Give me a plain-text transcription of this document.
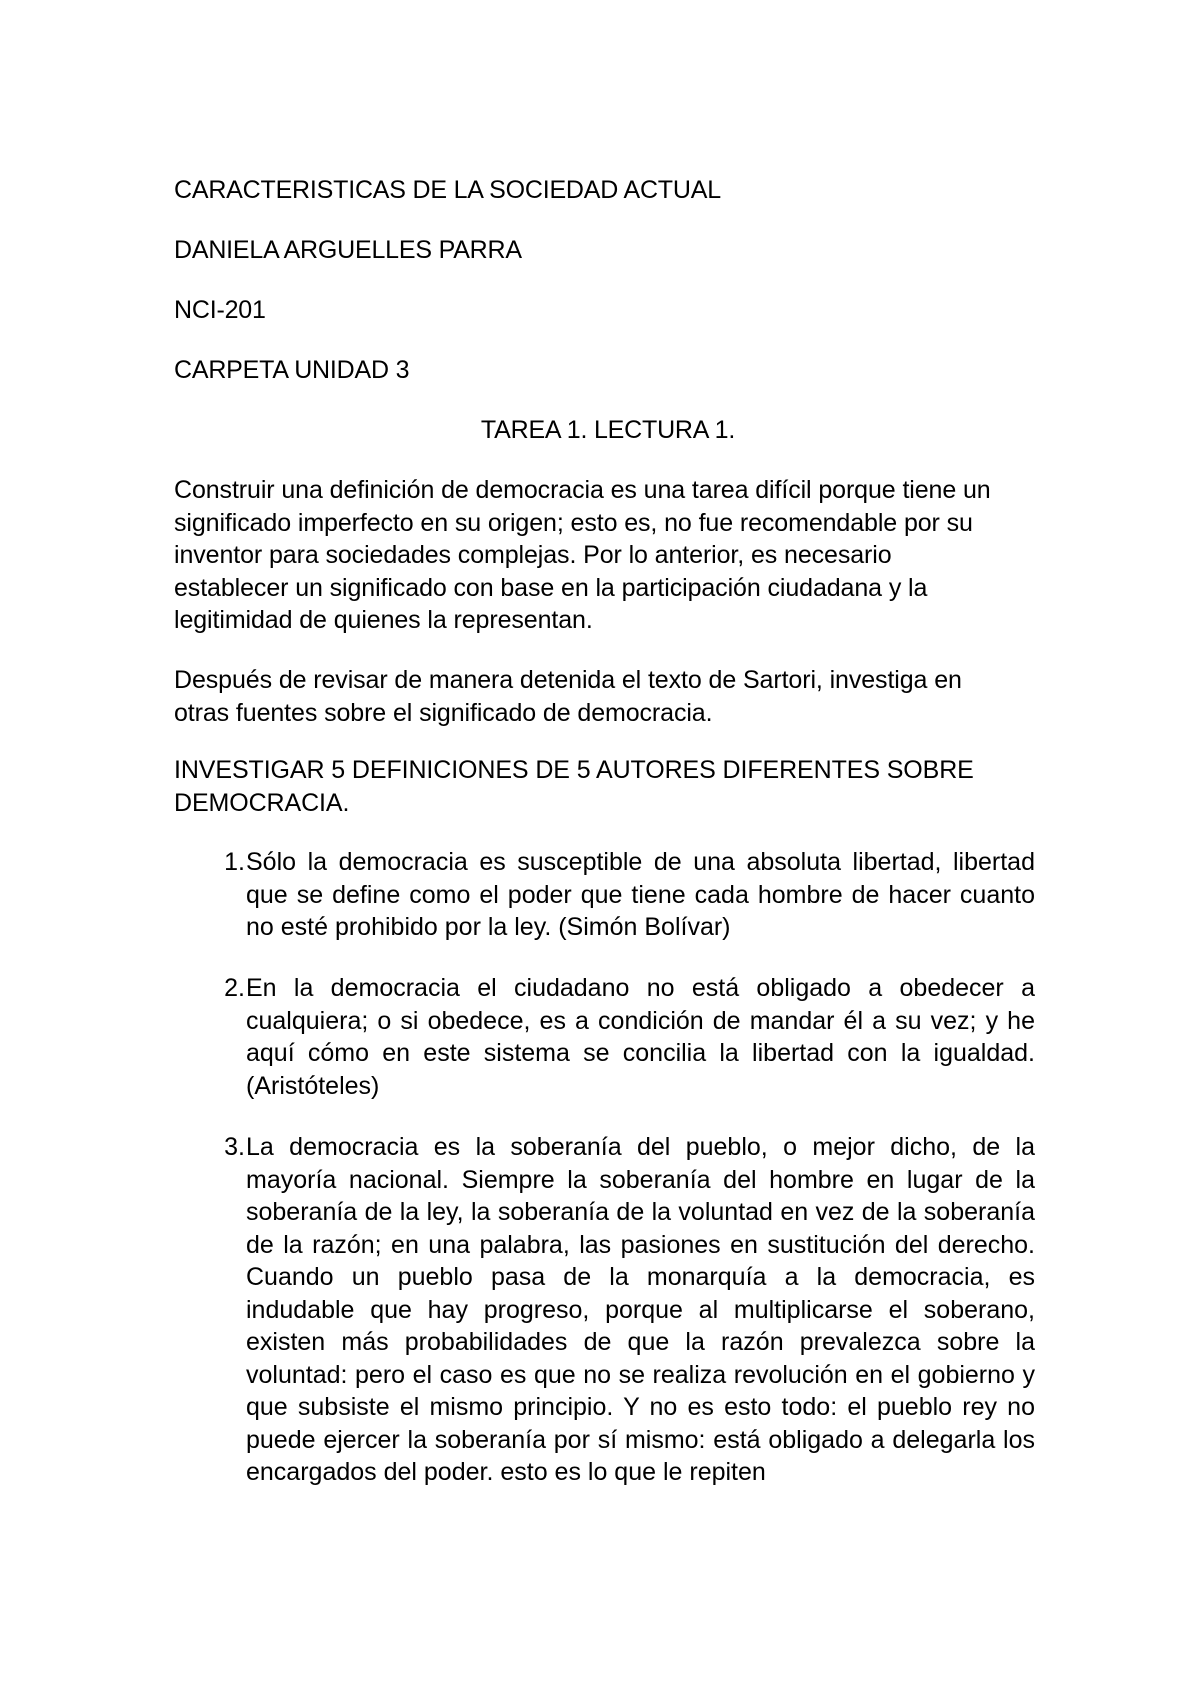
CARACTERISTICAS DE LA SOCIEDAD ACTUAL

DANIELA ARGUELLES PARRA

NCI-201

CARPETA UNIDAD 3

TAREA 1. LECTURA 1.

Construir una definición de democracia es una tarea difícil porque tiene un significado imperfecto en su origen; esto es, no fue recomendable por su inventor para sociedades complejas. Por lo anterior, es necesario establecer un significado con base en la participación ciudadana y la legitimidad de quienes la representan.

Después de revisar de manera detenida el texto de Sartori, investiga en otras fuentes sobre el significado de democracia.

INVESTIGAR 5 DEFINICIONES DE 5 AUTORES DIFERENTES SOBRE DEMOCRACIA.

1. Sólo la democracia es susceptible de una absoluta libertad, libertad que se define como el poder que tiene cada hombre de hacer cuanto no esté prohibido por la ley. (Simón Bolívar)
2. En la democracia el ciudadano no está obligado a obedecer a cualquiera; o si obedece, es a condición de mandar él a su vez; y he aquí cómo en este sistema se concilia la libertad con la igualdad. (Aristóteles)
3. La democracia es la soberanía del pueblo, o mejor dicho, de la mayoría nacional. Siempre la soberanía del hombre en lugar de la soberanía de la ley, la soberanía de la voluntad en vez de la soberanía de la razón; en una palabra, las pasiones en sustitución del derecho. Cuando un pueblo pasa de la monarquía a la democracia, es indudable que hay progreso, porque al multiplicarse el soberano, existen más probabilidades de que la razón prevalezca sobre la voluntad: pero el caso es que no se realiza revolución en el gobierno y que subsiste el mismo principio. Y no es esto todo: el pueblo rey no puede ejercer la soberanía por sí mismo: está obligado a delegarla los encargados del poder. esto es lo que le repiten
